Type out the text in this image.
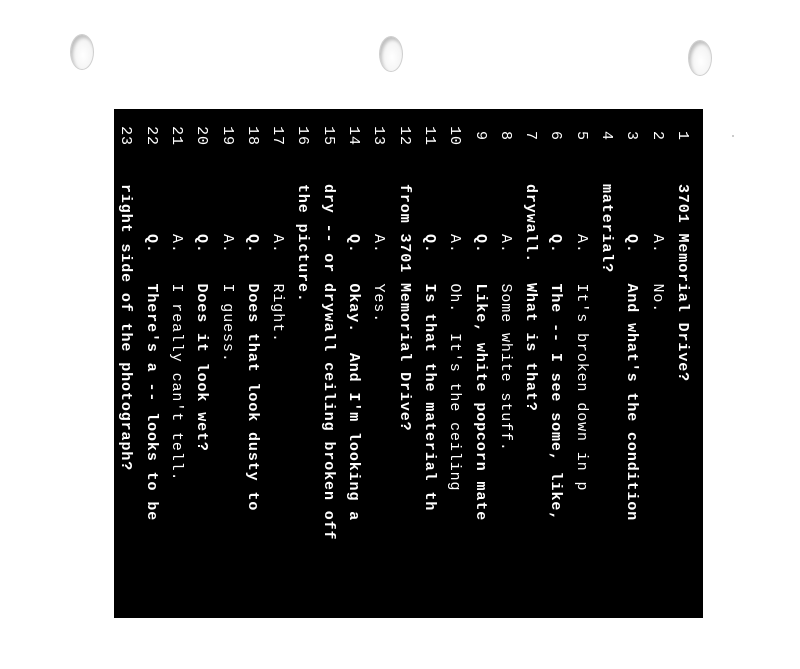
1
3701 Memorial Drive?
2
A.   No.
3
Q.   And what's the condition
4
material?
5
A.   It's broken down in p
6
Q.   The -- I see some, like,
7
drywall.  What is that?
8
A.   Some white stuff.
9
Q.   Like, white popcorn mate
10
A.   Oh.  It's the ceiling
11
Q.   Is that the material th
12
from 3701 Memorial Drive?
13
A.   Yes.
14
Q.   Okay.  And I'm looking a
15
dry -- or drywall ceiling broken off
16
the picture.
17
A.   Right.
18
Q.   Does that look dusty to
19
A.   I guess.
20
Q.   Does it look wet?
21
A.   I really can't tell.
22
Q.   There's a -- looks to be
23
right side of the photograph?
24
A.   Yeah.
